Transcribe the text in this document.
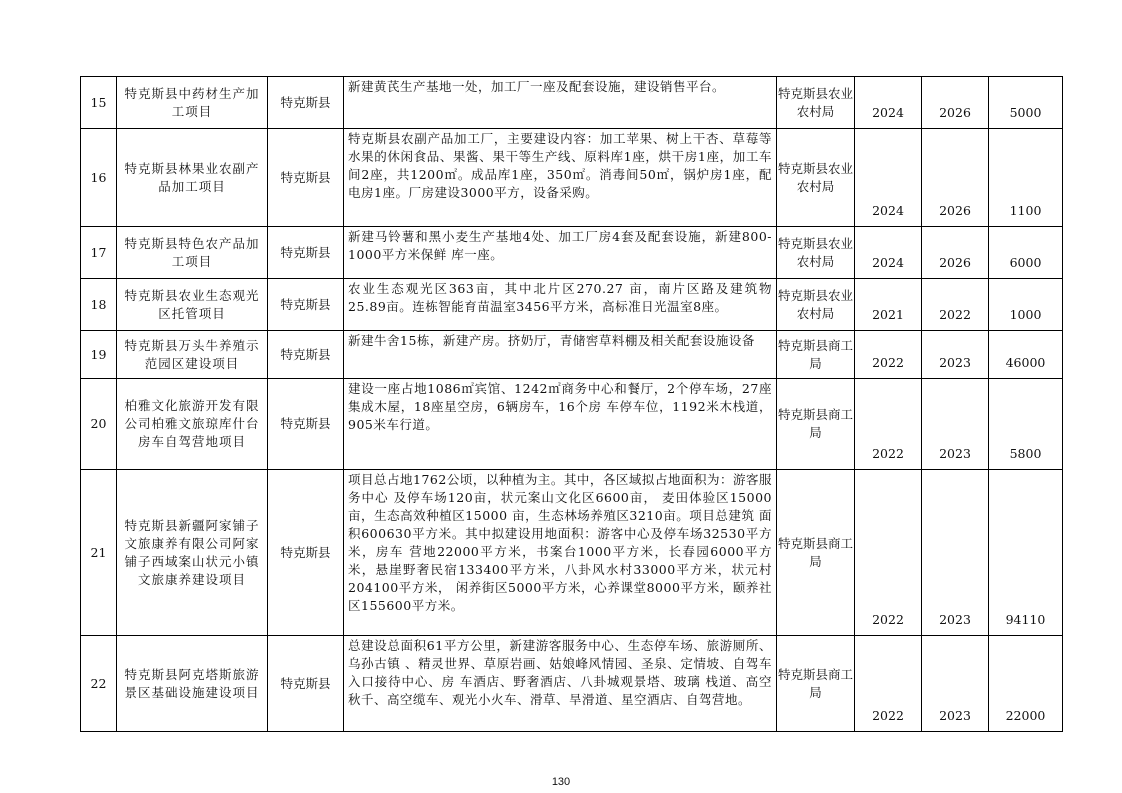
15	特克斯县中药材生产加工项目	特克斯县	新建黄芪生产基地一处，加工厂一座及配套设施，建设销售平台。	特克斯县农业农村局	2024	2026	5000
16	特克斯县林果业农副产品加工项目	特克斯县	特克斯县农副产品加工厂，主要建设内容：加工苹果、树上干杏、草莓等水果的休闲食品、果酱、果干等生产线、原料库1座，烘干房1座，加工车间2座，共1200㎡。成品库1座，350㎡。消毒间50㎡，锅炉房1座，配电房1座。厂房建设3000平方，设备采购。	特克斯县农业农村局	2024	2026	1100
17	特克斯县特色农产品加工项目	特克斯县	新建马铃薯和黑小麦生产基地4处、加工厂房4套及配套设施，新建800-1000平方米保鲜 库一座。	特克斯县农业农村局	2024	2026	6000
18	特克斯县农业生态观光区托管项目	特克斯县	农业生态观光区363亩，其中北片区270.27 亩，南片区路及建筑物25.89亩。连栋智能育苗温室3456平方米，高标准日光温室8座。	特克斯县农业农村局	2021	2022	1000
19	特克斯县万头牛养殖示范园区建设项目	特克斯县	新建牛舍15栋，新建产房。挤奶厅，青储窖草料棚及相关配套设施设备	特克斯县商工局	2022	2023	46000
20	柏雅文化旅游开发有限公司柏雅文旅琼库什台房车自驾营地项目	特克斯县	建设一座占地1086㎡宾馆、1242㎡商务中心和餐厅，2个停车场，27座 集成木屋，18座星空房，6辆房车，16个房 车停车位，1192米木栈道，905米车行道。	特克斯县商工局	2022	2023	5800
21	特克斯县新疆阿家铺子文旅康养有限公司阿家铺子西域案山状元小镇文旅康养建设项目	特克斯县	项目总占地1762公顷，以种植为主。其中，各区域拟占地面积为：游客服务中心 及停车场120亩，状元案山文化区6600亩， 麦田体验区15000亩，生态高效种植区15000 亩，生态林场养殖区3210亩。项目总建筑 面积600630平方米。其中拟建设用地面积：游客中心及停车场32530平方米，房车 营地22000平方米，书案台1000平方米，长春园6000平方米，悬崖野奢民宿133400平方米，八卦风水村33000平方米，状元村204100平方米， 闲养街区5000平方米，心养课堂8000平方米，颐养社区155600平方米。	特克斯县商工局	2022	2023	94110
22	特克斯县阿克塔斯旅游景区基础设施建设项目	特克斯县	总建设总面积61平方公里，新建游客服务中心、生态停车场、旅游厕所、乌孙古镇 、精灵世界、草原岩画、姑娘峰风情园、圣泉、定情坡、自驾车入口接待中心、房 车酒店、野奢酒店、八卦城观景塔、玻璃 栈道、高空秋千、高空缆车、观光小火车、滑草、旱滑道、星空酒店、自驾营地。	特克斯县商工局	2022	2023	22000
130
